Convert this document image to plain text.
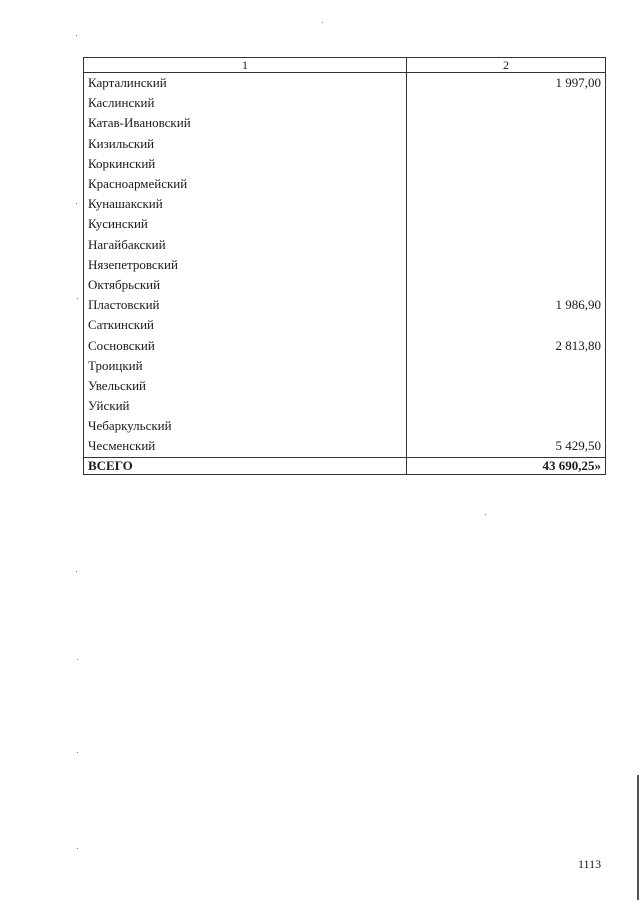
1	2
Карталинский	1 997,00
Каслинский	
Катав-Ивановский	
Кизильский	
Коркинский	
Красноармейский	
Кунашакский	
Кусинский	
Нагайбакский	
Нязепетровский	
Октябрьский	
Пластовский	1 986,90
Саткинский	
Сосновский	2 813,80
Троицкий	
Увельский	
Уйский	
Чебаркульский	
Чесменский	5 429,50
ВСЕГО	43 690,25»
1113
